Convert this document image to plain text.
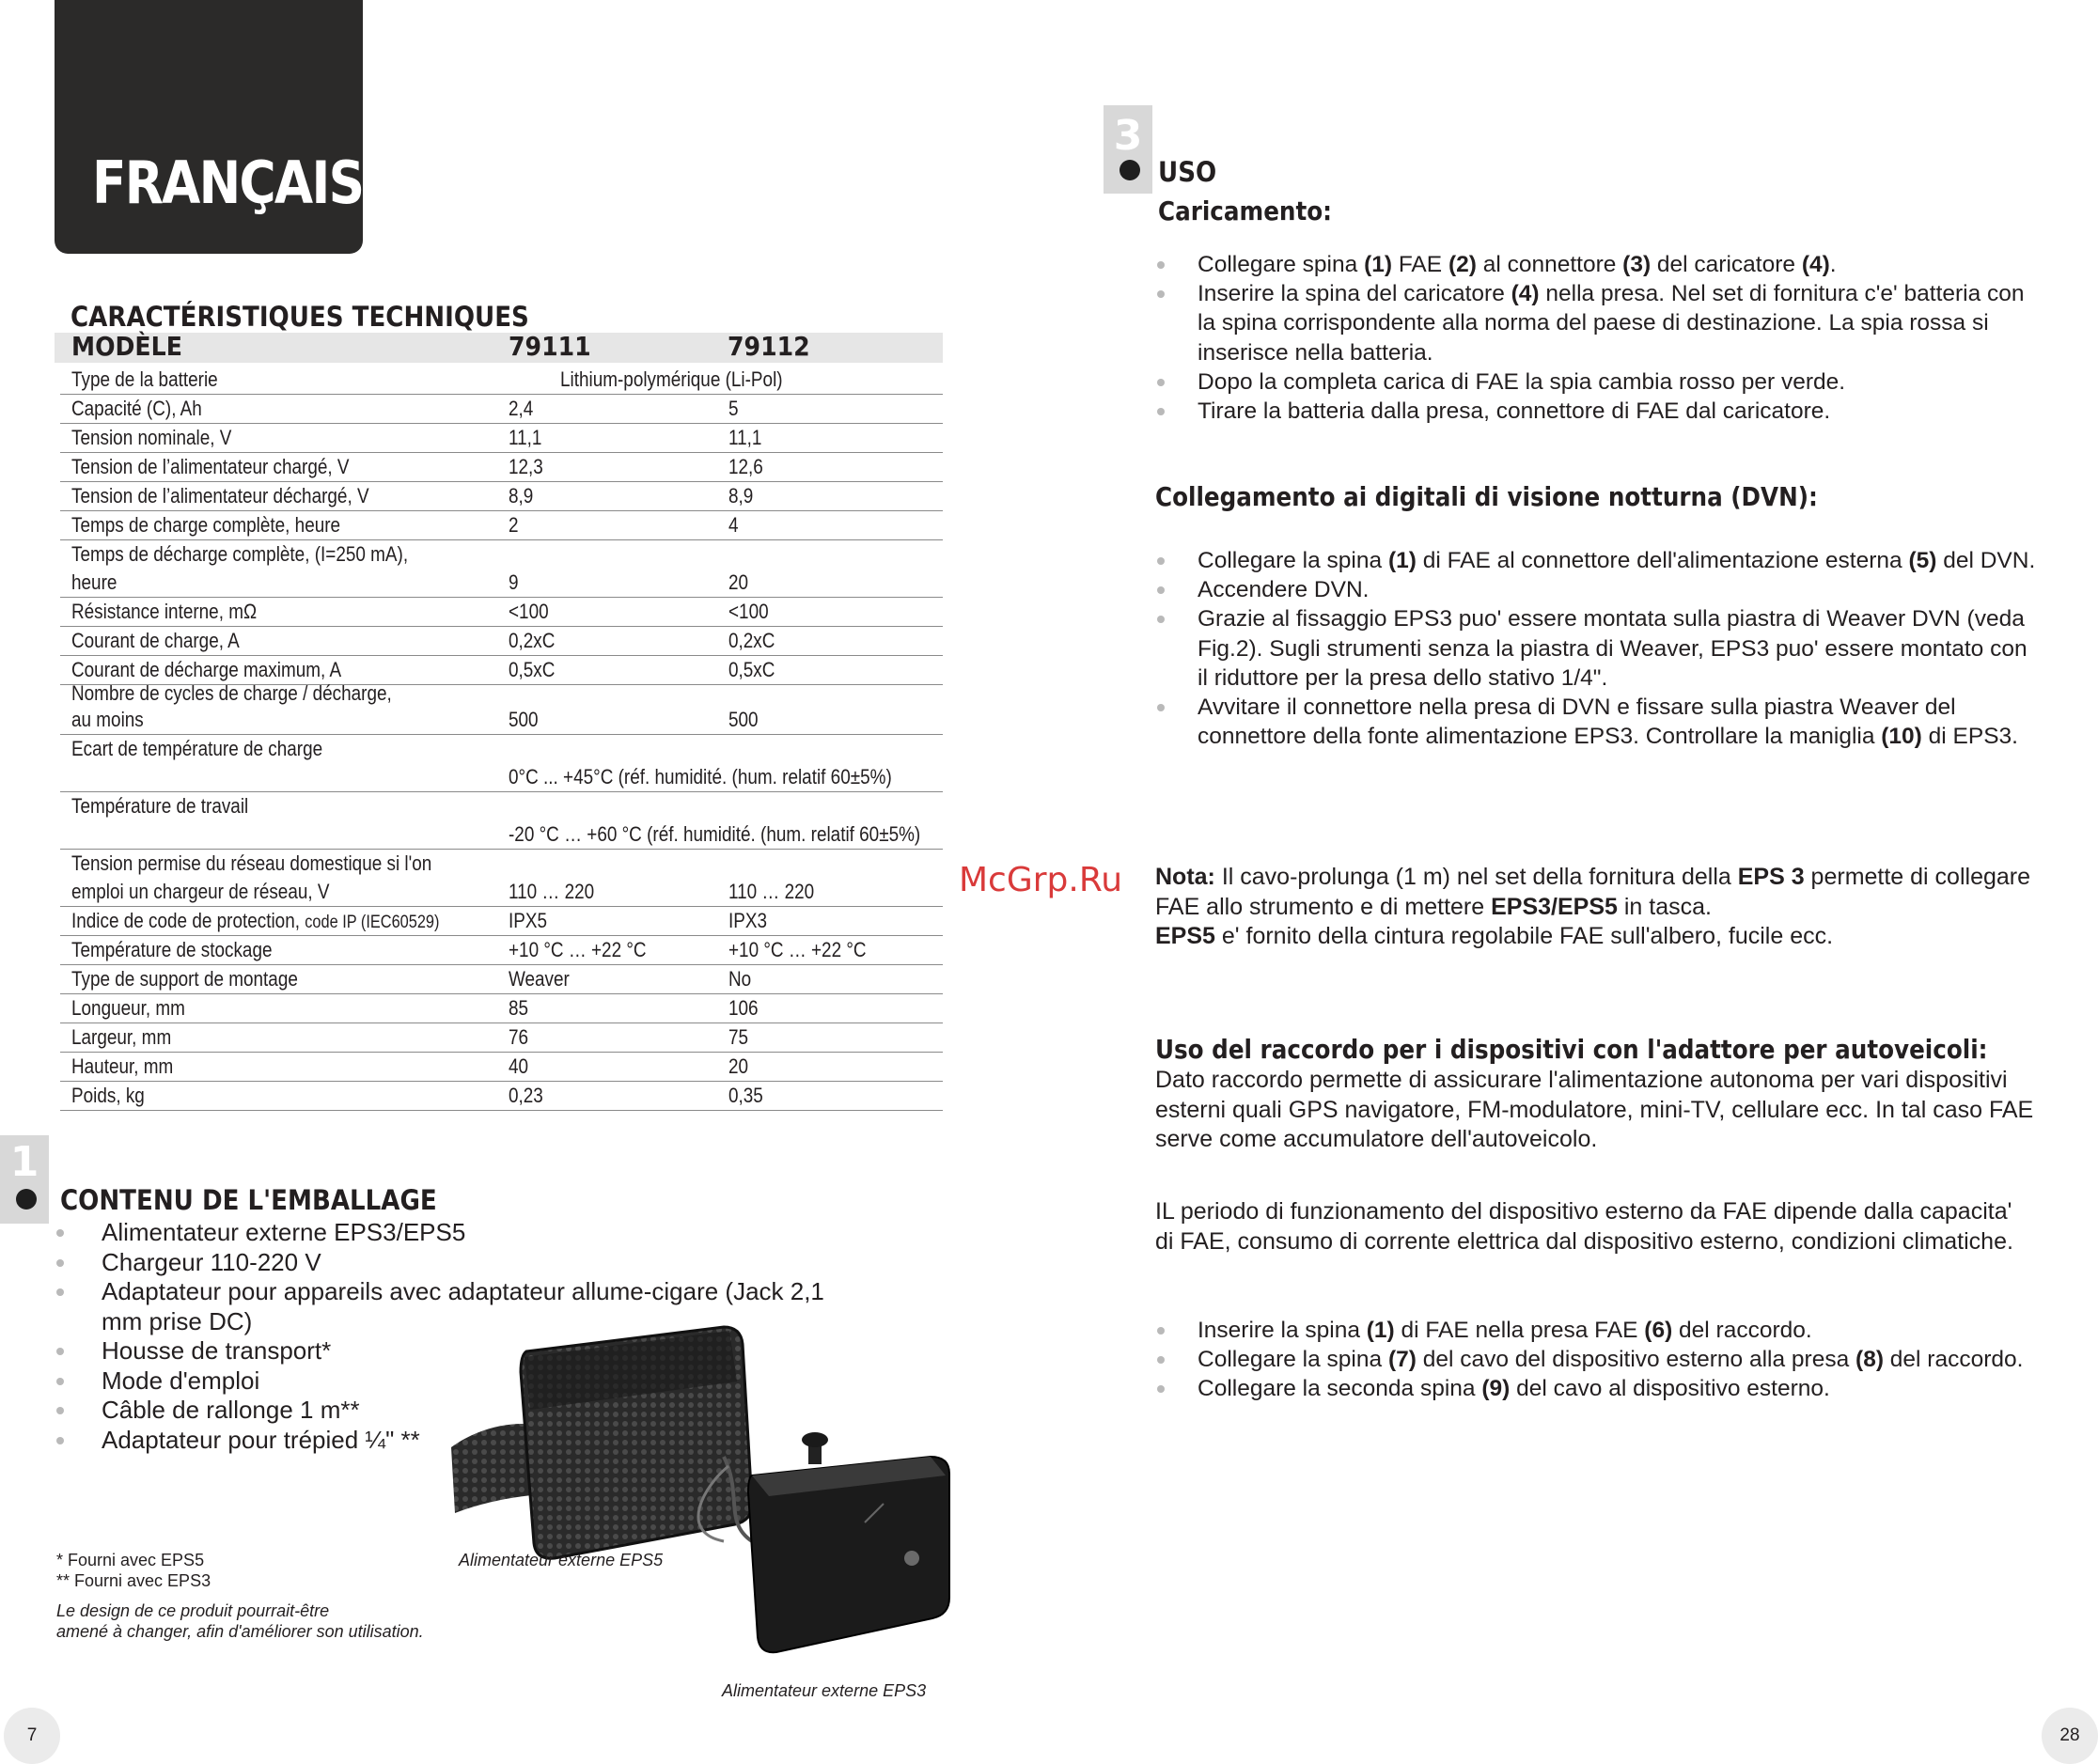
FRANÇAIS
CARACTÉRISTIQUES TECHNIQUES
MODÈLE	79111	79112
Type de la batterie	Lithium-polymérique (Li-Pol)
Capacité (C), Ah	2,4	5
Tension nominale, V	11,1	11,1
Tension de l’alimentateur chargé, V	12,3	12,6
Tension de l’alimentateur déchargé, V	8,9	8,9
Temps de charge complète, heure	2	4
Temps de décharge complète, (I=250 mA),
heure	9	20
Résistance interne, mΩ	<100	<100
Courant de charge, A	0,2xC	0,2xC
Courant de décharge maximum, A	0,5xC	0,5xC
Nombre de cycles de charge / décharge,
au moins	500	500
Ecart de température de charge
0°C ... +45°C (réf. humidité. (hum. relatif 60±5%)
Température de travail
-20 °C … +60 °C (réf. humidité. (hum. relatif 60±5%)
Tension permise du réseau domestique si l'on
emploi un chargeur de réseau, V	110 … 220	110 … 220
Indice de code de protection, code IP (IEC60529)	IPX5	IPX3
Température de stockage	+10 °C … +22 °C	+10 °C … +22 °C
Type de support de montage	Weaver	No
Longueur, mm	85	106
Largeur, mm	76	75
Hauteur, mm	40	20
Poids, kg	0,23	0,35
1
CONTENU DE L'EMBALLAGE
Alimentateur externe EPS3/EPS5
Chargeur 110-220 V
Adaptateur pour appareils avec adaptateur allume-cigare (Jack 2,1 mm prise DC)
Housse de transport*
Mode d'emploi
Câble de rallonge 1 m**
Adaptateur pour trépied ¼" **
Alimentateur externe EPS5
Alimentateur externe EPS3
* Fourni avec EPS5
** Fourni avec EPS3
Le design de ce produit pourrait-être
amené à changer, afin d'améliorer son utilisation.
7
3
USO
Caricamento:
Collegare spina (1) FAE (2) al connettore (3) del caricatore (4).
Inserire la spina del caricatore (4) nella presa. Nel set di fornitura c'e' batteria con la spina corrispondente alla norma del paese di destinazione. La spia rossa si inserisce nella batteria.
Dopo la completa carica di FAE la spia cambia rosso per verde.
Tirare la batteria dalla presa, connettore di FAE dal caricatore.
Collegamento ai digitali di visione notturna (DVN):
Collegare la spina (1) di FAE al connettore dell'alimentazione esterna (5) del DVN.
Accendere DVN.
Grazie al fissaggio EPS3 puo' essere montata sulla piastra di Weaver DVN (veda Fig.2). Sugli strumenti senza la piastra di Weaver, EPS3 puo' essere montato con il riduttore per la presa dello stativo 1/4".
Avvitare il connettore nella presa di DVN e fissare sulla piastra Weaver del connettore della fonte alimentazione EPS3. Controllare la maniglia (10) di EPS3.
Nota: Il cavo-prolunga (1 m) nel set della fornitura della EPS 3 permette di collegare FAE allo strumento e di mettere EPS3/EPS5 in tasca.
EPS5 e' fornito della cintura regolabile FAE sull'albero, fucile ecc.
McGrp.Ru
Uso del raccordo per i dispositivi con l'adattore per autoveicoli:
Dato raccordo permette di assicurare l'alimentazione autonoma per vari dispositivi esterni quali GPS navigatore, FM-modulatore, mini-TV, cellulare ecc. In tal caso FAE serve come accumulatore dell'autoveicolo.
IL periodo di funzionamento del dispositivo esterno da FAE dipende dalla capacita' di FAE, consumo di corrente elettrica dal dispositivo esterno, condizioni climatiche.
Inserire la spina (1) di FAE nella presa FAE (6) del raccordo.
Collegare la spina (7) del cavo del dispositivo esterno alla presa (8) del raccordo.
Collegare la seconda spina (9) del cavo al dispositivo esterno.
28
